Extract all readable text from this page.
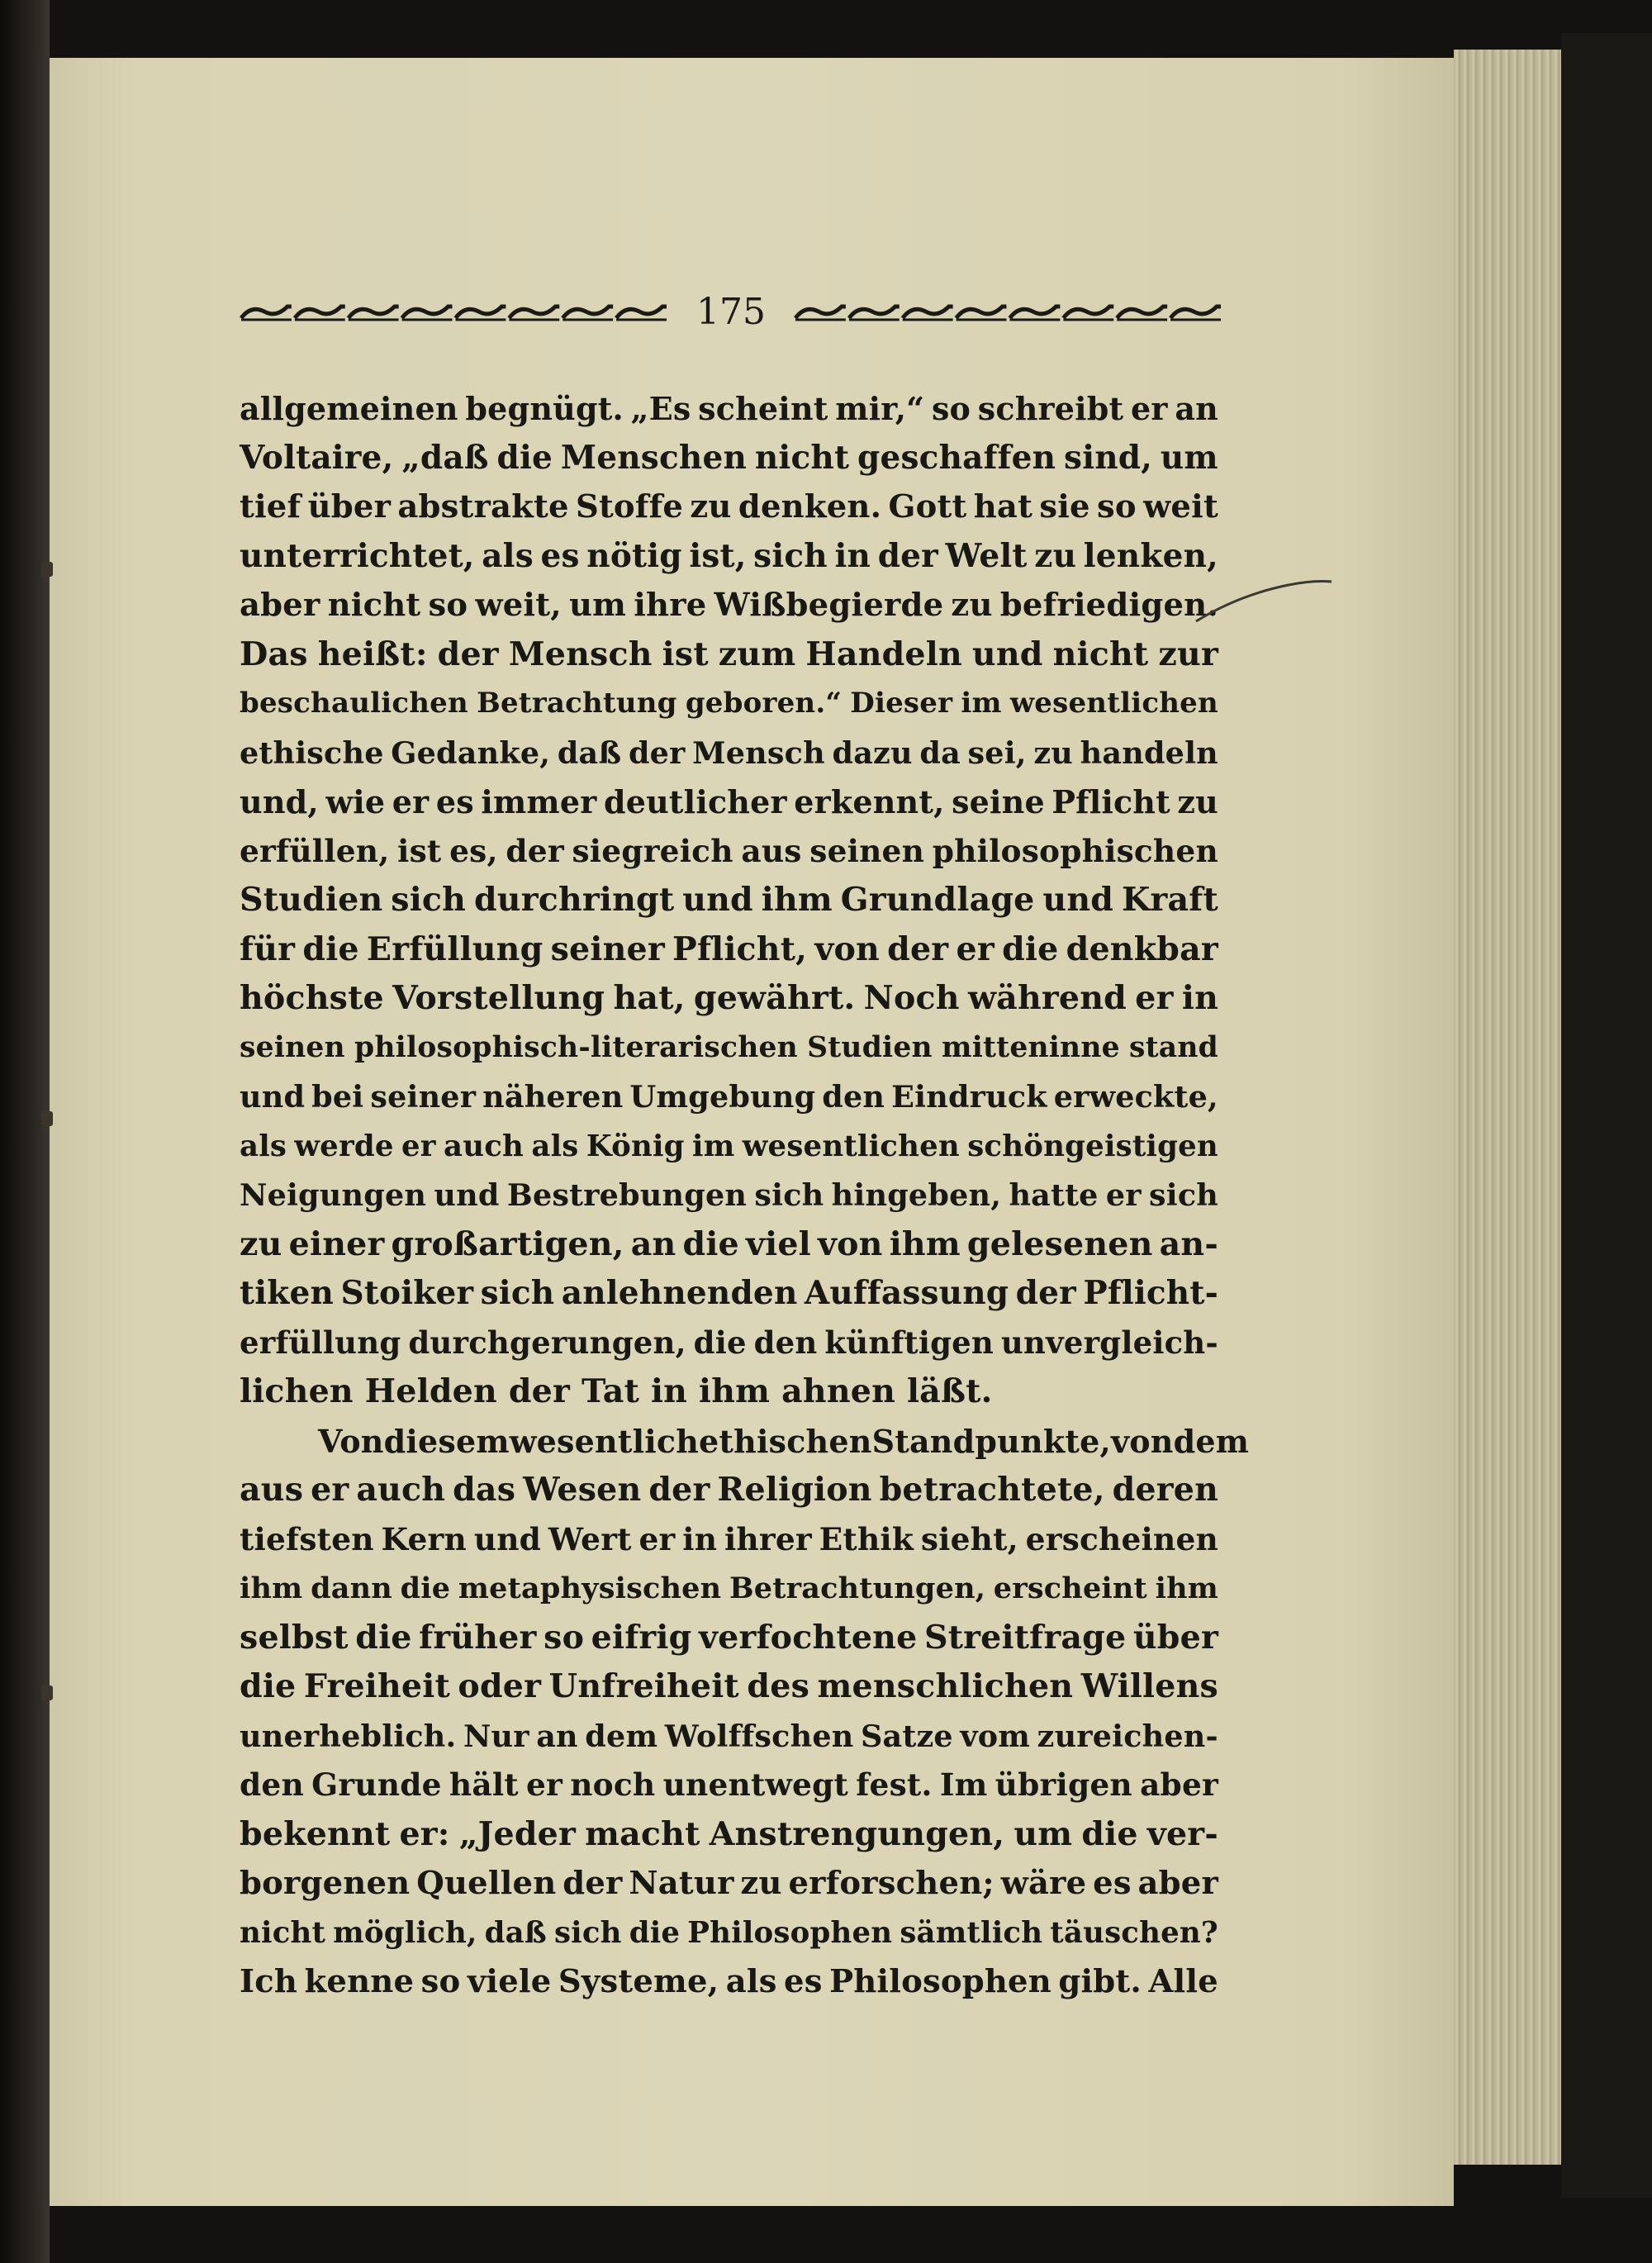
175
allgemeinen begnügt. „Es scheint mir,“ so schreibt er an
Voltaire, „daß die Menschen nicht geschaffen sind, um
tief über abstrakte Stoffe zu denken. Gott hat sie so weit
unterrichtet, als es nötig ist, sich in der Welt zu lenken,
aber nicht so weit, um ihre Wißbegierde zu befriedigen.
Das heißt: der Mensch ist zum Handeln und nicht zur
beschaulichen Betrachtung geboren.“ Dieser im wesentlichen
ethische Gedanke, daß der Mensch dazu da sei, zu handeln
und, wie er es immer deutlicher erkennt, seine Pflicht zu
erfüllen, ist es, der siegreich aus seinen philosophischen
Studien sich durchringt und ihm Grundlage und Kraft
für die Erfüllung seiner Pflicht, von der er die denkbar
höchste Vorstellung hat, gewährt. Noch während er in
seinen philosophisch-literarischen Studien mitteninne stand
und bei seiner näheren Umgebung den Eindruck erweckte,
als werde er auch als König im wesentlichen schöngeistigen
Neigungen und Bestrebungen sich hingeben, hatte er sich
zu einer großartigen, an die viel von ihm gelesenen an-
tiken Stoiker sich anlehnenden Auffassung der Pflicht-
erfüllung durchgerungen, die den künftigen unvergleich-
lichen Helden der Tat in ihm ahnen läßt.
Von diesem wesentlich ethischen Standpunkte, von dem
aus er auch das Wesen der Religion betrachtete, deren
tiefsten Kern und Wert er in ihrer Ethik sieht, erscheinen
ihm dann die metaphysischen Betrachtungen, erscheint ihm
selbst die früher so eifrig verfochtene Streitfrage über
die Freiheit oder Unfreiheit des menschlichen Willens
unerheblich. Nur an dem Wolffschen Satze vom zureichen-
den Grunde hält er noch unentwegt fest. Im übrigen aber
bekennt er: „Jeder macht Anstrengungen, um die ver-
borgenen Quellen der Natur zu erforschen; wäre es aber
nicht möglich, daß sich die Philosophen sämtlich täuschen?
Ich kenne so viele Systeme, als es Philosophen gibt. Alle
